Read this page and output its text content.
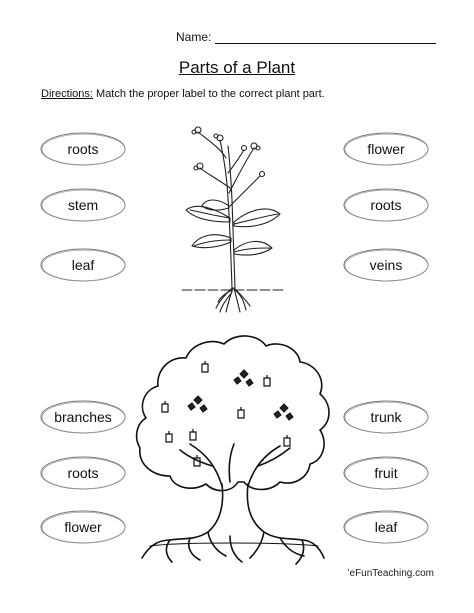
Name:
Parts of a Plant
Directions: Match the proper label to the correct plant part.
roots
stem
leaf
flower
roots
veins
branches
roots
flower
trunk
fruit
leaf
’eFunTeaching.com
